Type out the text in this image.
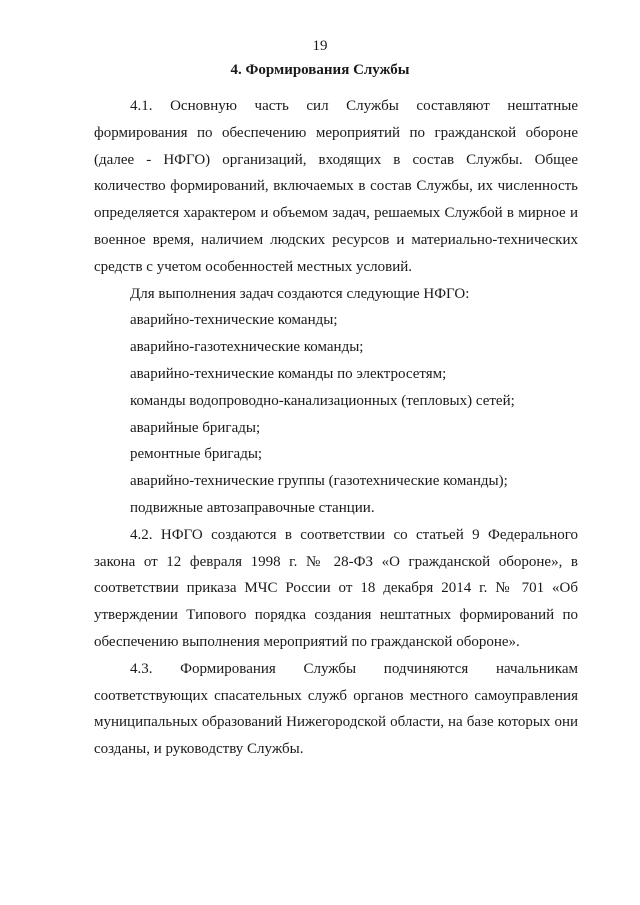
19
4. Формирования Службы
4.1. Основную часть сил Службы составляют нештатные
формирования по обеспечению мероприятий по гражданской обороне
(далее - НФГО) организаций, входящих в состав Службы. Общее
количество формирований, включаемых в состав Службы, их численность
определяется характером и объемом задач, решаемых Службой в мирное и
военное время, наличием людских ресурсов и материально-технических
средств с учетом особенностей местных условий.

Для выполнения задач создаются следующие НФГО:

аварийно-технические команды;

аварийно-газотехнические команды;

аварийно-технические команды по электросетям;

команды водопроводно-канализационных (тепловых) сетей;

аварийные бригады;

ремонтные бригады;

аварийно-технические группы (газотехнические команды);

подвижные автозаправочные станции.

4.2. НФГО создаются в соответствии со статьей 9 Федерального
закона от 12 февраля 1998 г. № 28-ФЗ «О гражданской обороне», в
соответствии приказа МЧС России от 18 декабря 2014 г. № 701 «Об
утверждении Типового порядка создания нештатных формирований по
обеспечению выполнения мероприятий по гражданской обороне».
4.3. Формирования Службы подчиняются начальникам
соответствующих спасательных служб органов местного самоуправления
муниципальных образований Нижегородской области, на базе которых они
созданы, и руководству Службы.
